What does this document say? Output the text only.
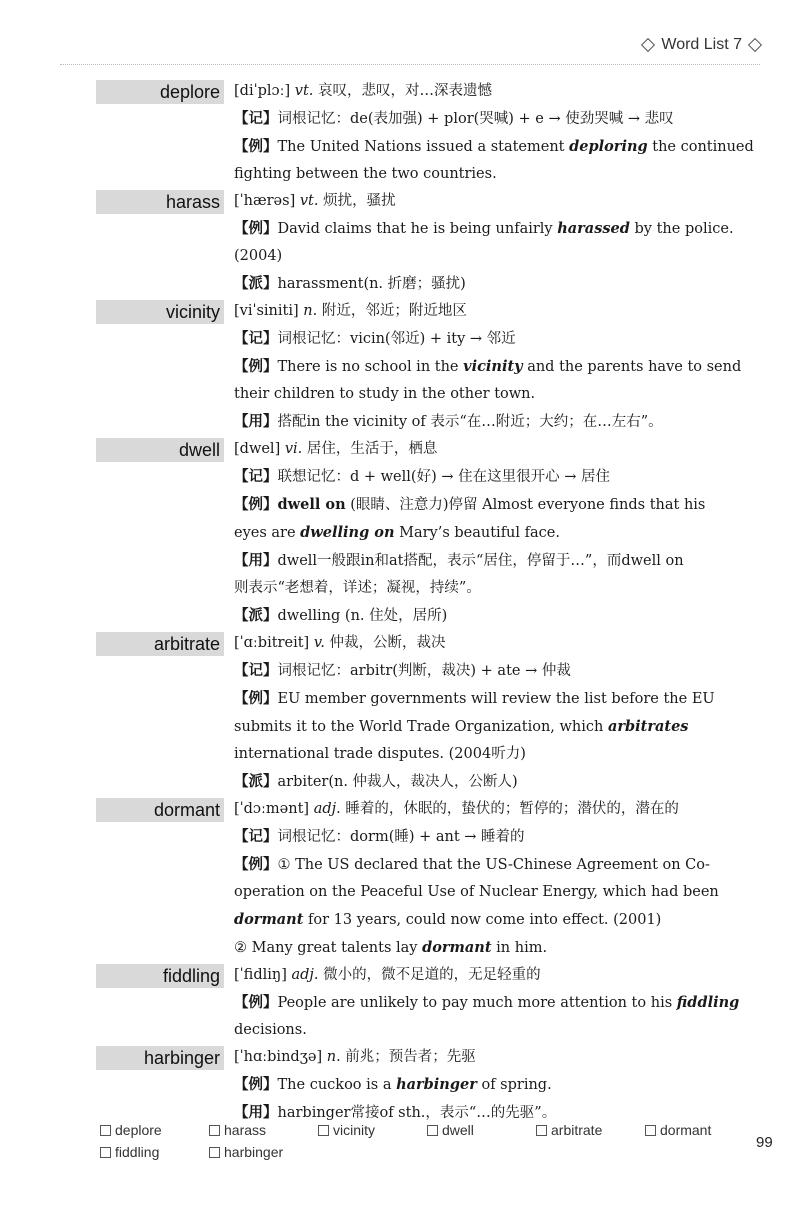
Word List 7
deplore [diˈplɔː] vt. 哀叹，悲叹，对…深表遗憾
【记】词根记忆：de(表加强) + plor(哭喊) + e → 使劲哭喊 → 悲叹
【例】The United Nations issued a statement deploring the continued
fighting between the two countries.
harass [ˈhærəs] vt. 烦扰，骚扰
【例】David claims that he is being unfairly harassed by the police.
(2004)
【派】harassment(n. 折磨；骚扰)
vicinity [viˈsiniti] n. 附近，邻近；附近地区
【记】词根记忆：vicin(邻近) + ity → 邻近
【例】There is no school in the vicinity and the parents have to send
their children to study in the other town.
【用】搭配in the vicinity of 表示“在…附近；大约；在…左右”。
dwell [dwel] vi. 居住，生活于，栖息
【记】联想记忆：d + well(好) → 住在这里很开心 → 居住
【例】dwell on (眼睛、注意力)停留 Almost everyone finds that his
eyes are dwelling on Mary’s beautiful face.
【用】dwell一般跟in和at搭配，表示“居住，停留于…”，而dwell on
则表示“老想着，详述；凝视，持续”。
【派】dwelling (n. 住处，居所)
arbitrate [ˈɑːbitreit] v. 仲裁，公断，裁决
【记】词根记忆：arbitr(判断，裁决) + ate → 仲裁
【例】EU member governments will review the list before the EU
submits it to the World Trade Organization, which arbitrates
international trade disputes. (2004听力)
【派】arbiter(n. 仲裁人，裁决人，公断人)
dormant [ˈdɔːmənt] adj. 睡着的，休眠的，蛰伏的；暂停的；潜伏的，潜在的
【记】词根记忆：dorm(睡) + ant → 睡着的
【例】① The US declared that the US-Chinese Agreement on Co-
operation on the Peaceful Use of Nuclear Energy, which had been
dormant for 13 years, could now come into effect. (2001)
② Many great talents lay dormant in him.
fiddling [ˈfidliŋ] adj. 微小的，微不足道的，无足轻重的
【例】People are unlikely to pay much more attention to his fiddling
decisions.
harbinger [ˈhɑːbindʒə] n. 前兆；预告者；先驱
【例】The cuckoo is a harbinger of spring.
【用】harbinger常接of sth.，表示“…的先驱”。
deplore	harass	vicinity	dwell	arbitrate	dormant
fiddling	harbinger
99
